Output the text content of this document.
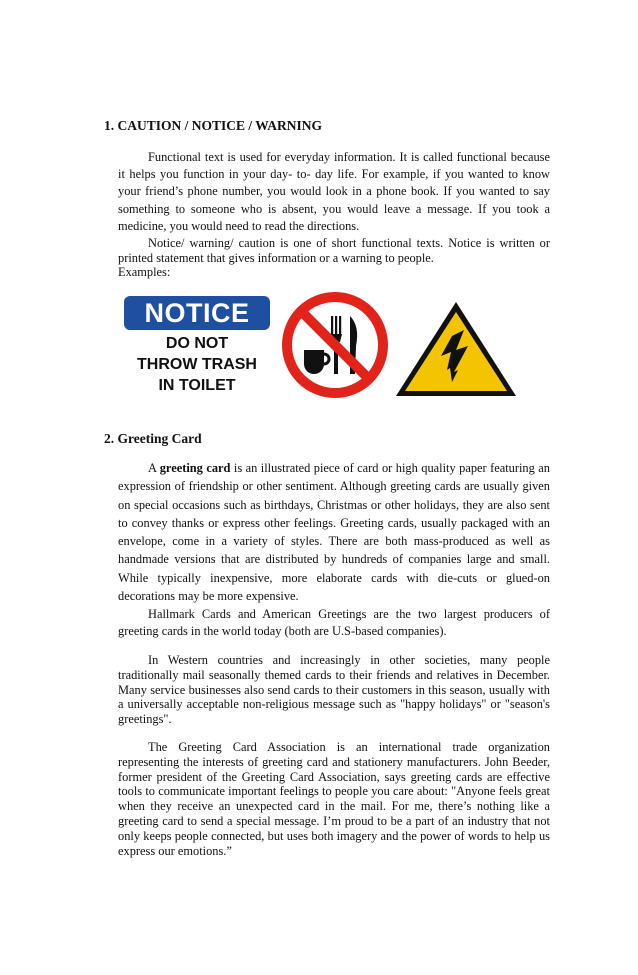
1. CAUTION / NOTICE / WARNING

Functional text is used for everyday information. It is called functional because it helps you function in your day- to- day life. For example, if you wanted to know your friend’s phone number, you would look in a phone book. If you wanted to say something to someone who is absent, you would leave a message. If you took a medicine, you would need to read the directions.

Notice/ warning/ caution is one of short functional texts. Notice is written or printed statement that gives information or a warning to people.

Examples:
NOTICE
DO NOT
THROW TRASH
IN TOILET
2. Greeting Card

A greeting card is an illustrated piece of card or high quality paper featuring an expression of friendship or other sentiment. Although greeting cards are usually given on special occasions such as birthdays, Christmas or other holidays, they are also sent to convey thanks or express other feelings. Greeting cards, usually packaged with an envelope, come in a variety of styles. There are both mass-produced as well as handmade versions that are distributed by hundreds of companies large and small. While typically inexpensive, more elaborate cards with die-cuts or glued-on decorations may be more expensive.

Hallmark Cards and American Greetings are the two largest producers of greeting cards in the world today (both are U.S-based companies).

In Western countries and increasingly in other societies, many people traditionally mail seasonally themed cards to their friends and relatives in December. Many service businesses also send cards to their customers in this season, usually with a universally acceptable non-religious message such as "happy holidays" or "season's greetings".

The Greeting Card Association is an international trade organization representing the interests of greeting card and stationery manufacturers. John Beeder, former president of the Greeting Card Association, says greeting cards are effective tools to communicate important feelings to people you care about: "Anyone feels great when they receive an unexpected card in the mail. For me, there’s nothing like a greeting card to send a special message. I’m proud to be a part of an industry that not only keeps people connected, but uses both imagery and the power of words to help us express our emotions.”
